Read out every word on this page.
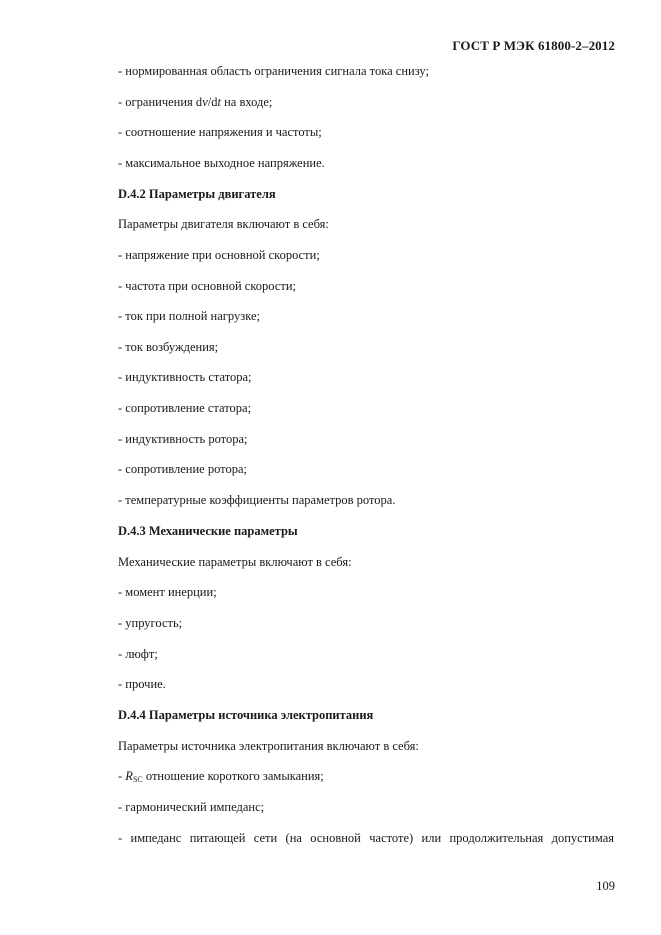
ГОСТ Р МЭК 61800-2–2012
- нормированная область ограничения сигнала тока снизу;
- ограничения dv/dt на входе;
- соотношение напряжения и частоты;
- максимальное выходное напряжение.
D.4.2 Параметры двигателя
Параметры двигателя включают в себя:
- напряжение при основной скорости;
- частота при основной скорости;
- ток при полной нагрузке;
- ток возбуждения;
- индуктивность статора;
- сопротивление статора;
- индуктивность ротора;
- сопротивление ротора;
- температурные коэффициенты параметров ротора.
D.4.3 Механические параметры
Механические параметры включают в себя:
- момент инерции;
- упругость;
- люфт;
- прочие.
D.4.4 Параметры источника электропитания
Параметры источника электропитания включают в себя:
- $R_{SC}$ отношение короткого замыкания;
- гармонический импеданс;
- импеданс питающей сети (на основной частоте) или продолжительная допустимая
109
